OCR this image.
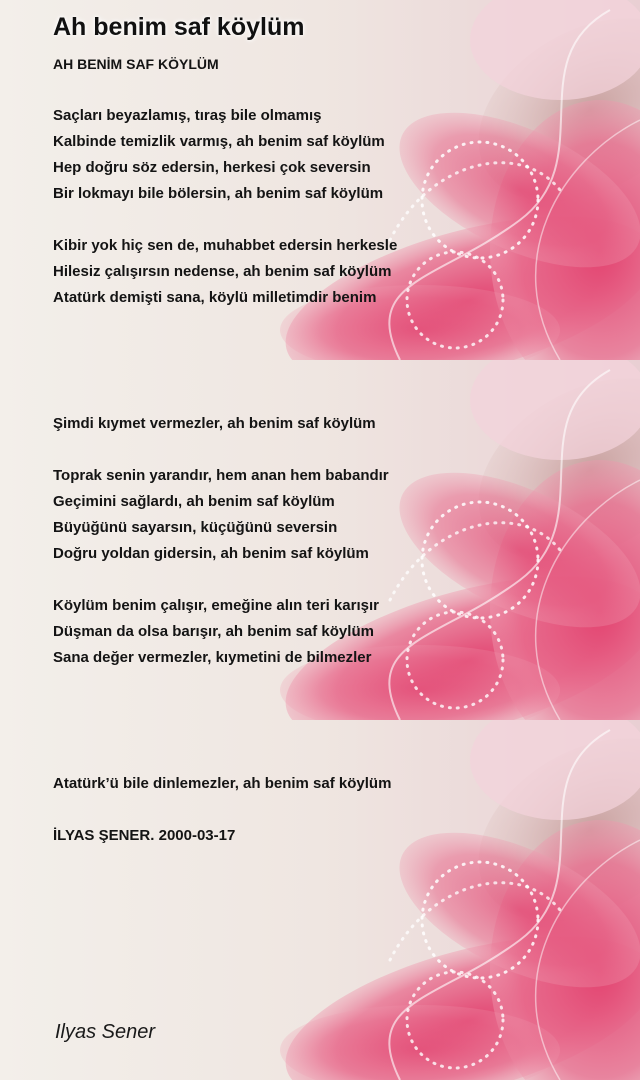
Ah benim saf köylüm

AH BENİM SAF KÖYLÜM

Saçları beyazlamış, tıraş bile olmamış

Kalbinde temizlik varmış, ah benim saf köylüm

Hep doğru söz edersin, herkesi çok seversin

Bir lokmayı bile bölersin, ah benim saf köylüm

Kibir yok hiç sen de, muhabbet edersin herkesle

Hilesiz çalışırsın nedense, ah benim saf köylüm

Atatürk demişti sana, köylü milletimdir benim

Şimdi kıymet vermezler, ah benim saf köylüm

Toprak senin yarandır, hem anan hem babandır

Geçimini sağlardı, ah benim saf köylüm

Büyüğünü sayarsın, küçüğünü seversin

Doğru yoldan gidersin, ah benim saf köylüm

Köylüm benim çalışır, emeğine alın teri karışır

Düşman da olsa barışır, ah benim saf köylüm

Sana değer vermezler, kıymetini de bilmezler

Atatürk’ü bile dinlemezler, ah benim saf köylüm

İLYAS ŞENER. 2000-03-17

Ilyas Sener
